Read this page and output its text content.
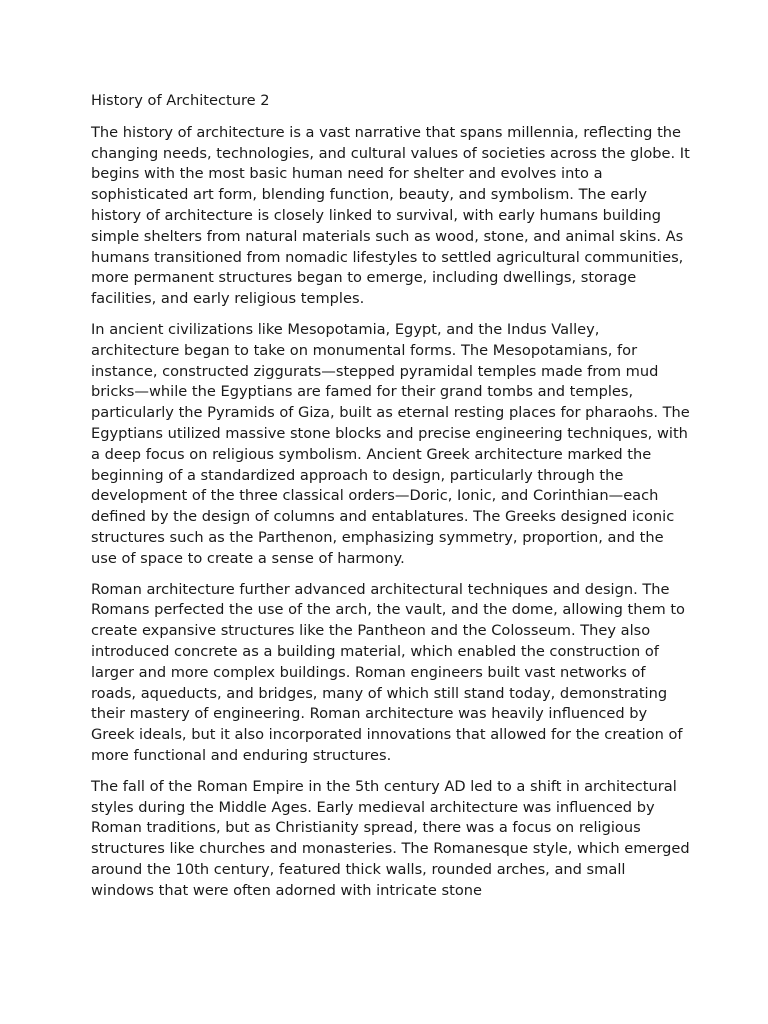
History of Architecture 2

The history of architecture is a vast narrative that spans millennia, reflecting the changing needs, technologies, and cultural values of societies across the globe. It begins with the most basic human need for shelter and evolves into a sophisticated art form, blending function, beauty, and symbolism. The early history of architecture is closely linked to survival, with early humans building simple shelters from natural materials such as wood, stone, and animal skins. As humans transitioned from nomadic lifestyles to settled agricultural communities, more permanent structures began to emerge, including dwellings, storage facilities, and early religious temples.

In ancient civilizations like Mesopotamia, Egypt, and the Indus Valley, architecture began to take on monumental forms. The Mesopotamians, for instance, constructed ziggurats—stepped pyramidal temples made from mud bricks—while the Egyptians are famed for their grand tombs and temples, particularly the Pyramids of Giza, built as eternal resting places for pharaohs. The Egyptians utilized massive stone blocks and precise engineering techniques, with a deep focus on religious symbolism. Ancient Greek architecture marked the beginning of a standardized approach to design, particularly through the development of the three classical orders—Doric, Ionic, and Corinthian—each defined by the design of columns and entablatures. The Greeks designed iconic structures such as the Parthenon, emphasizing symmetry, proportion, and the use of space to create a sense of harmony.

Roman architecture further advanced architectural techniques and design. The Romans perfected the use of the arch, the vault, and the dome, allowing them to create expansive structures like the Pantheon and the Colosseum. They also introduced concrete as a building material, which enabled the construction of larger and more complex buildings. Roman engineers built vast networks of roads, aqueducts, and bridges, many of which still stand today, demonstrating their mastery of engineering. Roman architecture was heavily influenced by Greek ideals, but it also incorporated innovations that allowed for the creation of more functional and enduring structures.

The fall of the Roman Empire in the 5th century AD led to a shift in architectural styles during the Middle Ages. Early medieval architecture was influenced by Roman traditions, but as Christianity spread, there was a focus on religious structures like churches and monasteries. The Romanesque style, which emerged around the 10th century, featured thick walls, rounded arches, and small windows that were often adorned with intricate stone
